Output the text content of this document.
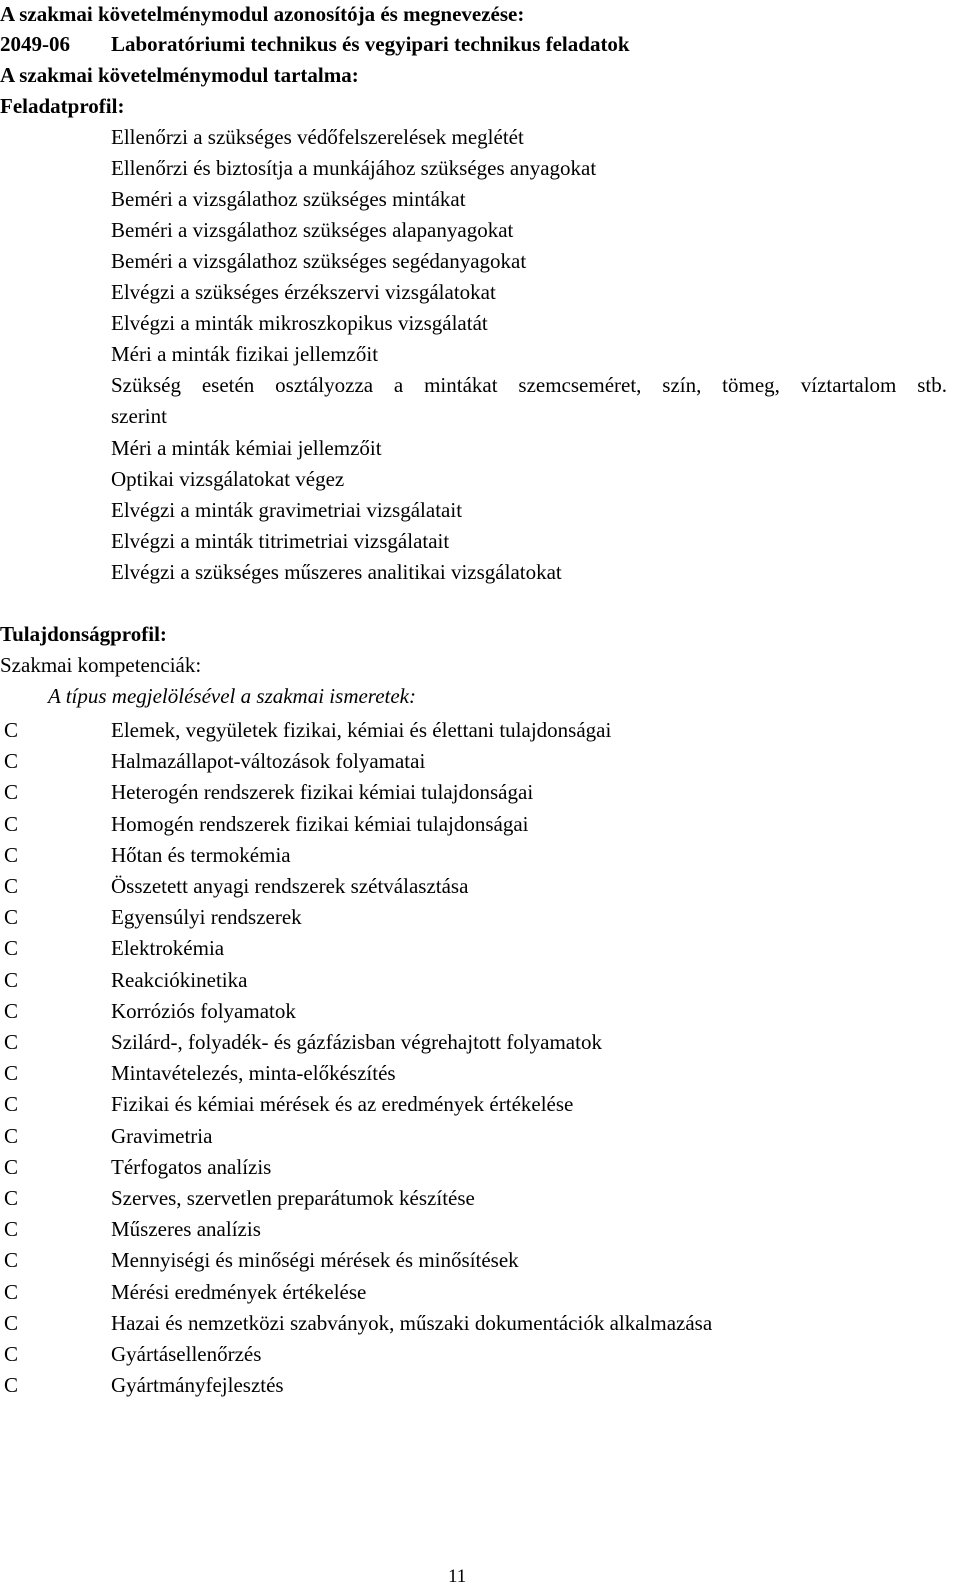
A szakmai követelménymodul azonosítója és megnevezése:
2049-06 Laboratóriumi technikus és vegyipari technikus feladatok
A szakmai követelménymodul tartalma:
Feladatprofil:
Ellenőrzi a szükséges védőfelszerelések meglétét
Ellenőrzi és biztosítja a munkájához szükséges anyagokat
Beméri a vizsgálathoz szükséges mintákat
Beméri a vizsgálathoz szükséges alapanyagokat
Beméri a vizsgálathoz szükséges segédanyagokat
Elvégzi a szükséges érzékszervi vizsgálatokat
Elvégzi a minták mikroszkopikus vizsgálatát
Méri a minták fizikai jellemzőit
Szükség esetén osztályozza a mintákat szemcseméret, szín, tömeg, víztartalom stb.
szerint
Méri a minták kémiai jellemzőit
Optikai vizsgálatokat végez
Elvégzi a minták gravimetriai vizsgálatait
Elvégzi a minták titrimetriai vizsgálatait
Elvégzi a szükséges műszeres analitikai vizsgálatokat
Tulajdonságprofil:
Szakmai kompetenciák:
A típus megjelölésével a szakmai ismeretek:
C	Elemek, vegyületek fizikai, kémiai és élettani tulajdonságai
C	Halmazállapot-változások folyamatai
C	Heterogén rendszerek fizikai kémiai tulajdonságai
C	Homogén rendszerek fizikai kémiai tulajdonságai
C	Hőtan és termokémia
C	Összetett anyagi rendszerek szétválasztása
C	Egyensúlyi rendszerek
C	Elektrokémia
C	Reakciókinetika
C	Korróziós folyamatok
C	Szilárd-, folyadék- és gázfázisban végrehajtott folyamatok
C	Mintavételezés, minta-előkészítés
C	Fizikai és kémiai mérések és az eredmények értékelése
C	Gravimetria
C	Térfogatos analízis
C	Szerves, szervetlen preparátumok készítése
C	Műszeres analízis
C	Mennyiségi és minőségi mérések és minősítések
C	Mérési eredmények értékelése
C	Hazai és nemzetközi szabványok, műszaki dokumentációk alkalmazása
C	Gyártásellenőrzés
C	Gyártmányfejlesztés
11
